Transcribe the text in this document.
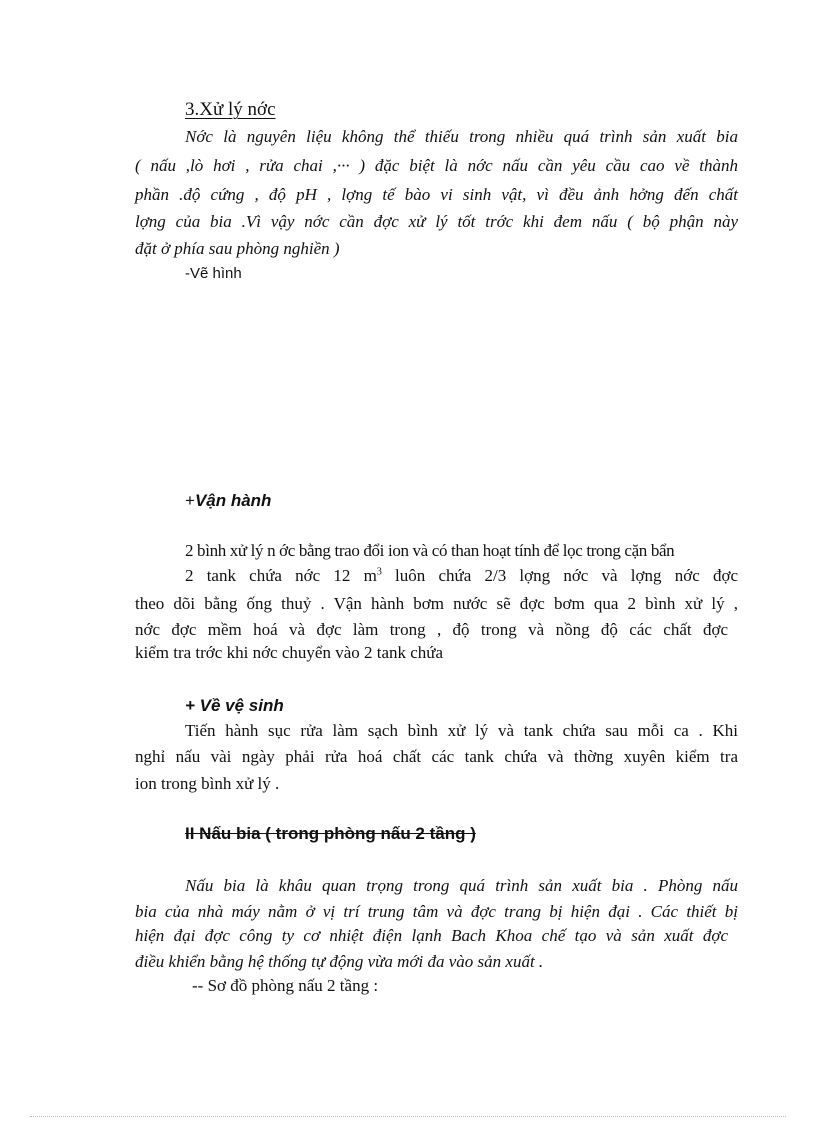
3.Xử lý nớc
Nớc là nguyên liệu không thể thiếu trong nhiều quá trình sản xuất bia
( nấu ,lò hơi , rửa chai ,··· ) đặc biệt là nớc nấu cần yêu cầu cao về thành
phần .độ cứng , độ pH , lợng tế bào vi sinh vật, vì đều ảnh hởng đến chất
lợng của bia .Vì vậy nớc cần đợc xử lý tốt trớc khi đem nấu ( bộ phận này
đặt ở phía sau phòng nghiền )
-Vẽ hình
+Vận hành
2 bình xử lý n ớc bằng trao đổi ion và có than hoạt tính để lọc trong cặn bẩn
2 tank chứa nớc 12 $m^3$ luôn chứa 2/3 lợng nớc và lợng nớc đợc
theo dõi bằng ống thuỷ . Vận hành bơm nước sẽ đợc bơm qua 2 bình xử lý ,
nớc đợc mềm hoá và đợc làm trong , độ trong và nồng độ các chất đợc
kiểm tra trớc khi nớc chuyển vào 2 tank chứa
+ Về vệ sinh
Tiến hành sục rửa làm sạch bình xử lý và tank chứa sau mỗi ca . Khi
nghỉ nấu vài ngày phải rửa hoá chất các tank chứa và thờng xuyên kiểm tra
ion trong bình xử lý .
II Nấu bia ( trong phòng nấu 2 tầng )
Nấu bia là khâu quan trọng trong quá trình sản xuất bia . Phòng nấu
bia của nhà máy nằm ở vị trí trung tâm và đợc trang bị hiện đại . Các thiết bị
hiện đại đợc công ty cơ nhiệt điện lạnh Bach Khoa chế tạo và sản xuất đợc
điều khiển bằng hệ thống tự động vừa mới đa vào sản xuất .
-- Sơ đồ phòng nấu 2 tầng :
